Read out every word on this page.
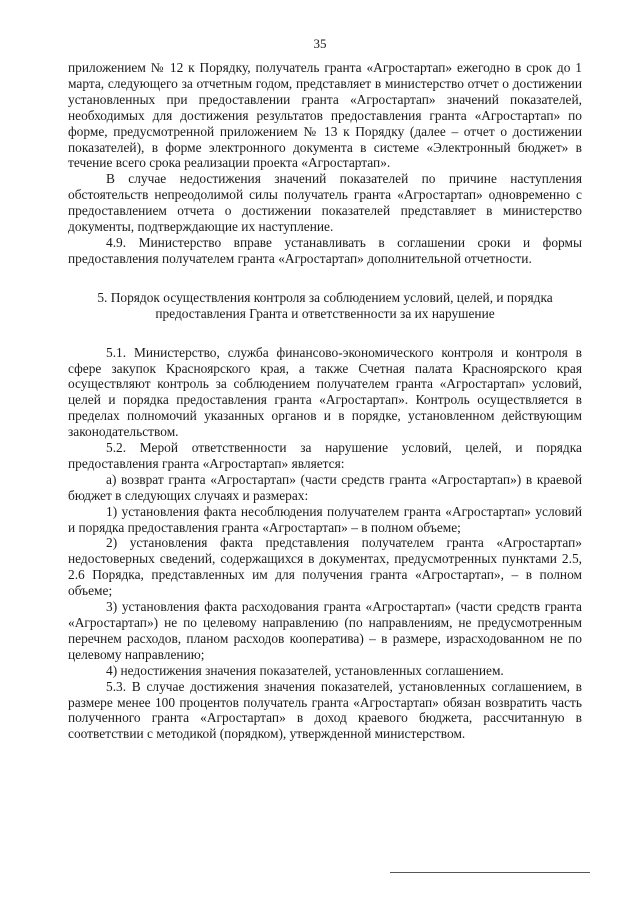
35

приложением № 12 к Порядку, получатель гранта «Агростартап» ежегодно в срок до 1 марта, следующего за отчетным годом, представляет в министерство отчет о достижении установленных при предоставлении гранта «Агростартап» значений показателей, необходимых для достижения результатов предоставления гранта «Агростартап» по форме, предусмотренной приложением № 13 к Порядку (далее – отчет о достижении показателей), в форме электронного документа в системе «Электронный бюджет» в течение всего срока реализации проекта «Агростартап».

В случае недостижения значений показателей по причине наступления обстоятельств непреодолимой силы получатель гранта «Агростартап» одновременно с предоставлением отчета о достижении показателей представляет в министерство документы, подтверждающие их наступление.

4.9. Министерство вправе устанавливать в соглашении сроки и формы предоставления получателем гранта «Агростартап» дополнительной отчетности.

5. Порядок осуществления контроля за соблюдением условий, целей, и порядка предоставления Гранта и ответственности за их нарушение

5.1. Министерство, служба финансово-экономического контроля и контроля в сфере закупок Красноярского края, а также Счетная палата Красноярского края осуществляют контроль за соблюдением получателем гранта «Агростартап» условий, целей и порядка предоставления гранта «Агростартап». Контроль осуществляется в пределах полномочий указанных органов и в порядке, установленном действующим законодательством.

5.2. Мерой ответственности за нарушение условий, целей, и порядка предоставления гранта «Агростартап» является:

а) возврат гранта «Агростартап» (части средств гранта «Агростартап») в краевой бюджет в следующих случаях и размерах:

1) установления факта несоблюдения получателем гранта «Агростартап» условий и порядка предоставления гранта «Агростартап» – в полном объеме;

2) установления факта представления получателем гранта «Агростартап» недостоверных сведений, содержащихся в документах, предусмотренных пунктами 2.5, 2.6 Порядка, представленных им для получения гранта «Агростартап», – в полном объеме;

3) установления факта расходования гранта «Агростартап» (части средств гранта «Агростартап») не по целевому направлению (по направлениям, не предусмотренным перечнем расходов, планом расходов кооператива) – в размере, израсходованном не по целевому направлению;

4) недостижения значения показателей, установленных соглашением.

5.3. В случае достижения значения показателей, установленных соглашением, в размере менее 100 процентов получатель гранта «Агростартап» обязан возвратить часть полученного гранта «Агростартап» в доход краевого бюджета, рассчитанную в соответствии с методикой (порядком), утвержденной министерством.
